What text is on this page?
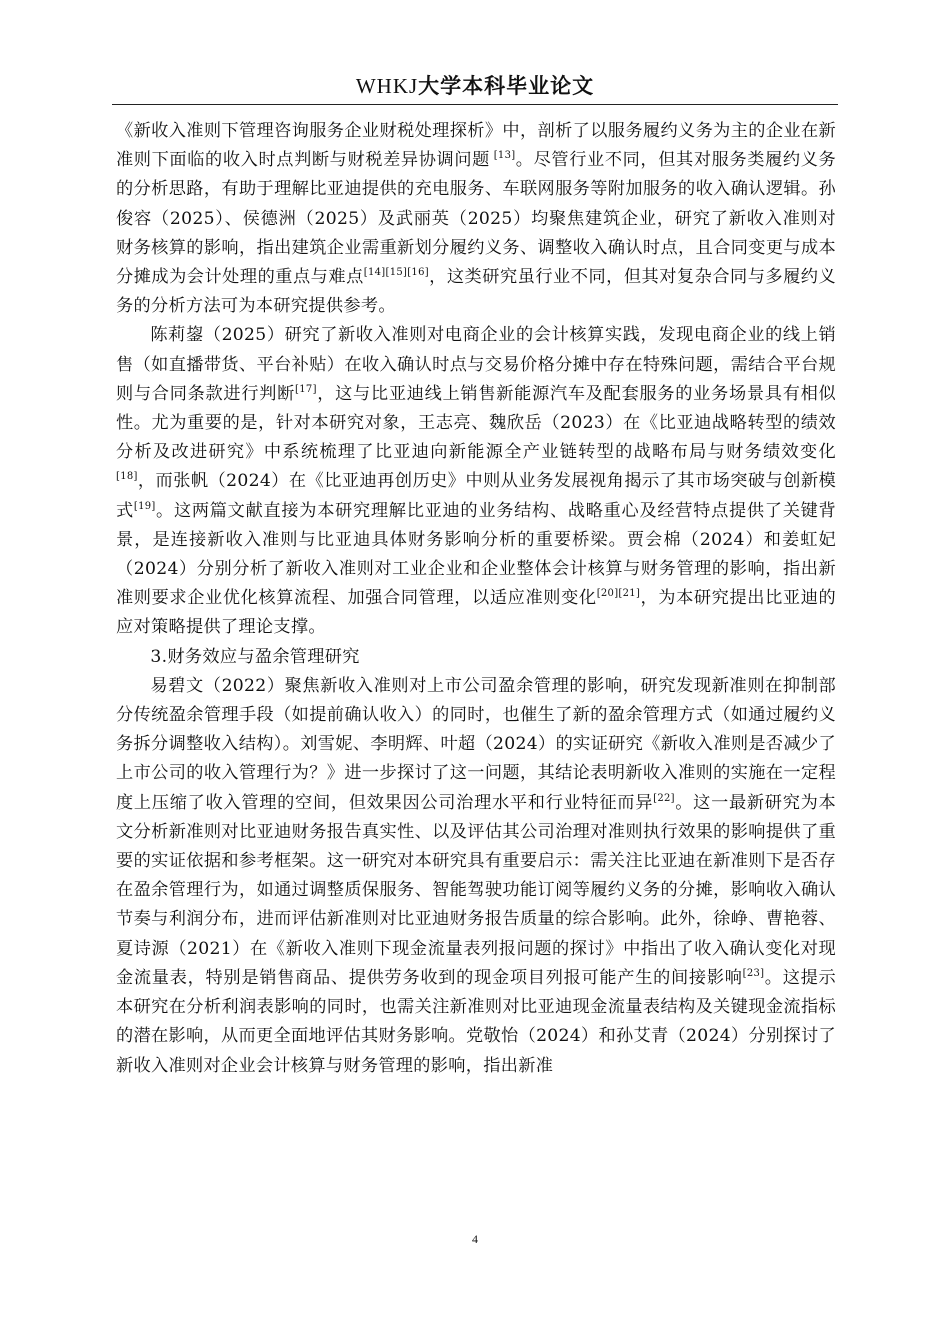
WHKJ大学本科毕业论文

《新收入准则下管理咨询服务企业财税处理探析》中，剖析了以服务履约义务为主的企业在新准则下面临的收入时点判断与财税差异协调问题 [13]。尽管行业不同，但其对服务类履约义务的分析思路，有助于理解比亚迪提供的充电服务、车联网服务等附加服务的收入确认逻辑。孙俊容（2025）、侯德洲（2025）及武丽英（2025）均聚焦建筑企业，研究了新收入准则对财务核算的影响，指出建筑企业需重新划分履约义务、调整收入确认时点，且合同变更与成本分摊成为会计处理的重点与难点[14][15][16]，这类研究虽行业不同，但其对复杂合同与多履约义务的分析方法可为本研究提供参考。

陈莉鋆（2025）研究了新收入准则对电商企业的会计核算实践，发现电商企业的线上销售（如直播带货、平台补贴）在收入确认时点与交易价格分摊中存在特殊问题，需结合平台规则与合同条款进行判断[17]，这与比亚迪线上销售新能源汽车及配套服务的业务场景具有相似性。尤为重要的是，针对本研究对象，王志亮、魏欣岳（2023）在《比亚迪战略转型的绩效分析及改进研究》中系统梳理了比亚迪向新能源全产业链转型的战略布局与财务绩效变化[18]，而张帆（2024）在《比亚迪再创历史》中则从业务发展视角揭示了其市场突破与创新模式[19]。这两篇文献直接为本研究理解比亚迪的业务结构、战略重心及经营特点提供了关键背景，是连接新收入准则与比亚迪具体财务影响分析的重要桥梁。贾会棉（2024）和姜虹妃（2024）分别分析了新收入准则对工业企业和企业整体会计核算与财务管理的影响，指出新准则要求企业优化核算流程、加强合同管理，以适应准则变化[20][21]，为本研究提出比亚迪的应对策略提供了理论支撑。

3.财务效应与盈余管理研究

易碧文（2022）聚焦新收入准则对上市公司盈余管理的影响，研究发现新准则在抑制部分传统盈余管理手段（如提前确认收入）的同时，也催生了新的盈余管理方式（如通过履约义务拆分调整收入结构）。刘雪妮、李明辉、叶超（2024）的实证研究《新收入准则是否减少了上市公司的收入管理行为？》进一步探讨了这一问题，其结论表明新收入准则的实施在一定程度上压缩了收入管理的空间，但效果因公司治理水平和行业特征而异[22]。这一最新研究为本文分析新准则对比亚迪财务报告真实性、以及评估其公司治理对准则执行效果的影响提供了重要的实证依据和参考框架。这一研究对本研究具有重要启示：需关注比亚迪在新准则下是否存在盈余管理行为，如通过调整质保服务、智能驾驶功能订阅等履约义务的分摊，影响收入确认节奏与利润分布，进而评估新准则对比亚迪财务报告质量的综合影响。此外，徐峥、曹艳蓉、夏诗源（2021）在《新收入准则下现金流量表列报问题的探讨》中指出了收入确认变化对现金流量表，特别是销售商品、提供劳务收到的现金项目列报可能产生的间接影响[23]。这提示本研究在分析利润表影响的同时，也需关注新准则对比亚迪现金流量表结构及关键现金流指标的潜在影响，从而更全面地评估其财务影响。党敬怡（2024）和孙艾青（2024）分别探讨了新收入准则对企业会计核算与财务管理的影响，指出新准

4
